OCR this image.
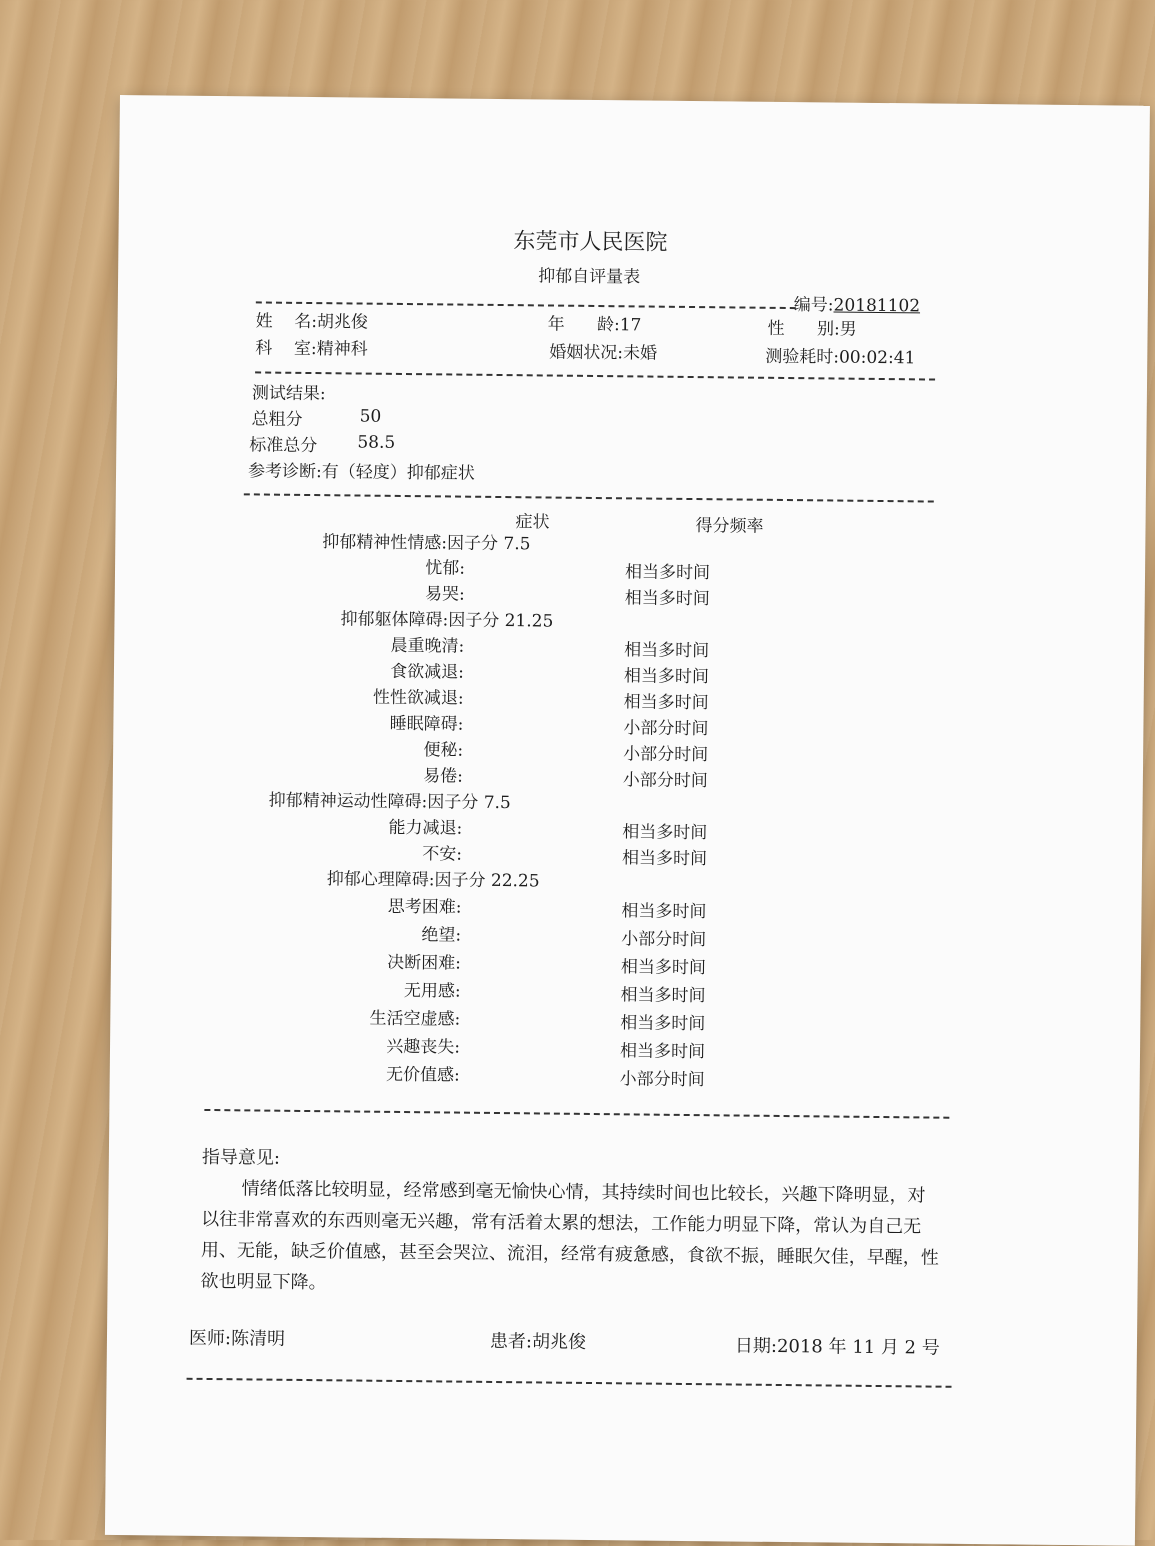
东莞市人民医院
抑郁自评量表
编号:20181102
姓    名:胡兆俊	年      龄:17	性      别:男
科    室:精神科	婚姻状况:未婚	测验耗时:00:02:41
测试结果:
总粗分	50
标准总分 58.5
参考诊断:有（轻度）抑郁症状
症状	得分频率
抑郁精神性情感:因子分 7.5
忧郁:	相当多时间
易哭:	相当多时间
抑郁躯体障碍:因子分 21.25
晨重晚清:	相当多时间
食欲减退:	相当多时间
性性欲减退:	相当多时间
睡眠障碍:	小部分时间
便秘:	小部分时间
易倦:	小部分时间
抑郁精神运动性障碍:因子分 7.5
能力减退:	相当多时间
不安:	相当多时间
抑郁心理障碍:因子分 22.25
思考困难:	相当多时间
绝望:	小部分时间
决断困难:	相当多时间
无用感:	相当多时间
生活空虚感:	相当多时间
兴趣丧失:	相当多时间
无价值感:	小部分时间
指导意见:
情绪低落比较明显，经常感到毫无愉快心情，其持续时间也比较长，兴趣下降明显，对以往非常喜欢的东西则毫无兴趣，常有活着太累的想法，工作能力明显下降，常认为自己无用、无能，缺乏价值感，甚至会哭泣、流泪，经常有疲惫感，食欲不振，睡眠欠佳，早醒，性欲也明显下降。
医师:陈清明	患者:胡兆俊	日期:2018 年 11 月 2 号
